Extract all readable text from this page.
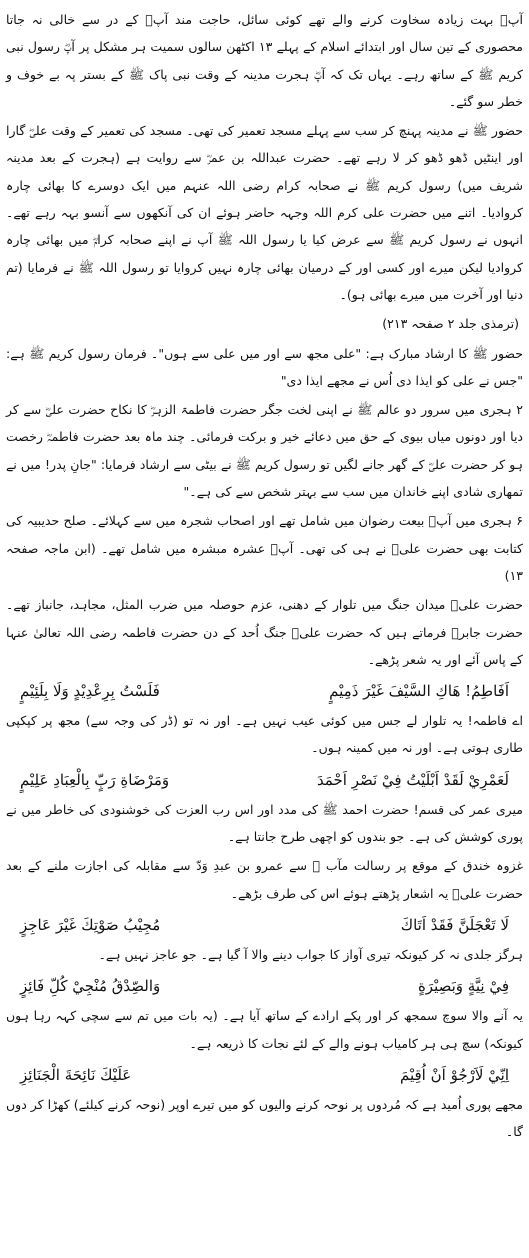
آپؓ بہت زیادہ سخاوت کرنے والے تھے کوئی سائل، حاجت مند آپؓ کے در سے خالی نہ جاتا محصوری کے تین سال اور ابتدائے اسلام کے پہلے ۱۳ اکٹھن سالوں سمیت ہر مشکل پر آپؓ رسول نبی کریم ﷺ کے ساتھ رہے۔ یہاں تک کہ آپؓ ہجرت مدینہ کے وقت نبی پاک ﷺ کے بستر پہ بے خوف و خطر سو گئے۔

حضور ﷺ نے مدینہ پہنچ کر سب سے پہلے مسجد تعمیر کی تھی۔ مسجد کی تعمیر کے وقت علیؓ گارا اور اینٹیں ڈھو ڈھو کر لا رہے تھے۔ حضرت عبداللہ بن عمرؓ سے روایت ہے (ہجرت کے بعد مدینہ شریف میں) رسول کریم ﷺ نے صحابہ کرام رضی اللہ عنہم میں ایک دوسرے کا بھائی چارہ کروادیا۔ اتنے میں حضرت علی کرم اللہ وجہہ حاضر ہوئے ان کی آنکھوں سے آنسو بہہ رہے تھے۔ انہوں نے رسول کریم ﷺ سے عرض کیا یا رسول اللہ ﷺ آپ نے اپنے صحابہ کرامؓ میں بھائی چارہ کروادیا لیکن میرے اور کسی اور کے درمیان بھائی چارہ نہیں کروایا تو رسول اللہ ﷺ نے فرمایا (تم دنیا اور آخرت میں میرے بھائی ہو)۔

(ترمذی جلد ۲ صفحہ ۲۱۳)

حضور ﷺ کا ارشاد مبارک ہے: "علی مجھ سے اور میں علی سے ہوں"۔ فرمان رسول کریم ﷺ ہے: "جس نے علی کو ایذا دی اُس نے مجھے ایذا دی"

۲ ہجری میں سرور دو عالم ﷺ نے اپنی لخت جگر حضرت فاطمۃ الزہرؓ کا نکاح حضرت علیؓ سے کر دیا اور دونوں میاں بیوی کے حق میں دعائے خیر و برکت فرمائی۔ چند ماہ بعد حضرت فاطمہؓ رخصت ہو کر حضرت علیؓ کے گھر جانے لگیں تو رسول کریم ﷺ نے بیٹی سے ارشاد فرمایا: "جانِ پدر! میں نے تمھاری شادی اپنے خاندان میں سب سے بہتر شخص سے کی ہے۔"

۶ ہجری میں آپؓ بیعت رضوان میں شامل تھے اور اصحاب شجرہ میں سے کہلائے۔ صلح حدیبیہ کی کتابت بھی حضرت علیؓ نے ہی کی تھی۔ آپؓ عشرہ مبشرہ میں شامل تھے۔ (ابن ماجہ صفحہ ۱۳)

حضرت علیؓ میدان جنگ میں تلوار کے دھنی، عزم حوصلہ میں ضرب المثل، مجاہد، جانباز تھے۔ حضرت جابرؓ فرماتے ہیں کہ حضرت علیؓ جنگ اُحد کے دن حضرت فاطمہ رضی اللہ تعالیٰ عنہا کے پاس آئے اور یہ شعر پڑھے۔

اَفَاطِمُ! هَاكِ السَّيْفَ غَيْرَ ذَمِيْمٍ
فَلَسْتُ بِرِعْدِيْدٍ وَلَا بِلَئِيْمٍ

اے فاطمہ! یہ تلوار لے جس میں کوئی عیب نہیں ہے۔ اور نہ تو (ڈر کی وجہ سے) مجھ پر کپکپی طاری ہوتی ہے۔ اور نہ میں کمینہ ہوں۔

لَعَمْرِيْ لَقَدْ اَبْلَيْتُ فِيْ نَصْرِ اَحْمَدَ
وَمَرْضَاةِ رَبٍّ بِالْعِبَادِ عَلِيْمٍ

میری عمر کی قسم! حضرت احمد ﷺ کی مدد اور اس رب العزت کی خوشنودی کی خاطر میں نے پوری کوشش کی ہے۔ جو بندوں کو اچھی طرح جانتا ہے۔

غزوہ خندق کے موقع پر رسالت مآب ﷺ سے عمرو بن عبدِ وَدّ سے مقابلہ کی اجازت ملنے کے بعد حضرت علیؓ یہ اشعار پڑھتے ہوئے اس کی طرف بڑھے۔

لَا تَعْجَلَنَّ فَقَدْ اَتَاكَ
مُجِيْبُ صَوْتِكَ غَيْرَ عَاجِزٍ

ہرگز جلدی نہ کر کیونکہ تیری آواز کا جواب دینے والا آ گیا ہے۔ جو عاجز نہیں ہے۔

فِيْ نِيَّةٍ وَبَصِيْرَةٍ
وَالصِّدْقُ مُنْجِيْ كُلِّ فَائِزٍ

یہ آنے والا سوچ سمجھ کر اور پکے ارادے کے ساتھ آیا ہے۔ (یہ بات میں تم سے سچی کہہ رہا ہوں کیونکہ) سچ ہی ہر کامیاب ہونے والے کے لئے نجات کا ذریعہ ہے۔

اِنِّيْ لَاَرْجُوْ اَنْ اُقِيْمَ
عَلَيْكَ نَائِحَةَ الْجَنَائِزِ

مجھے پوری اُمید ہے کہ مُردوں پر نوحہ کرنے والیوں کو میں تیرے اوپر (نوحہ کرنے کیلئے) کھڑا کر دوں گا۔
